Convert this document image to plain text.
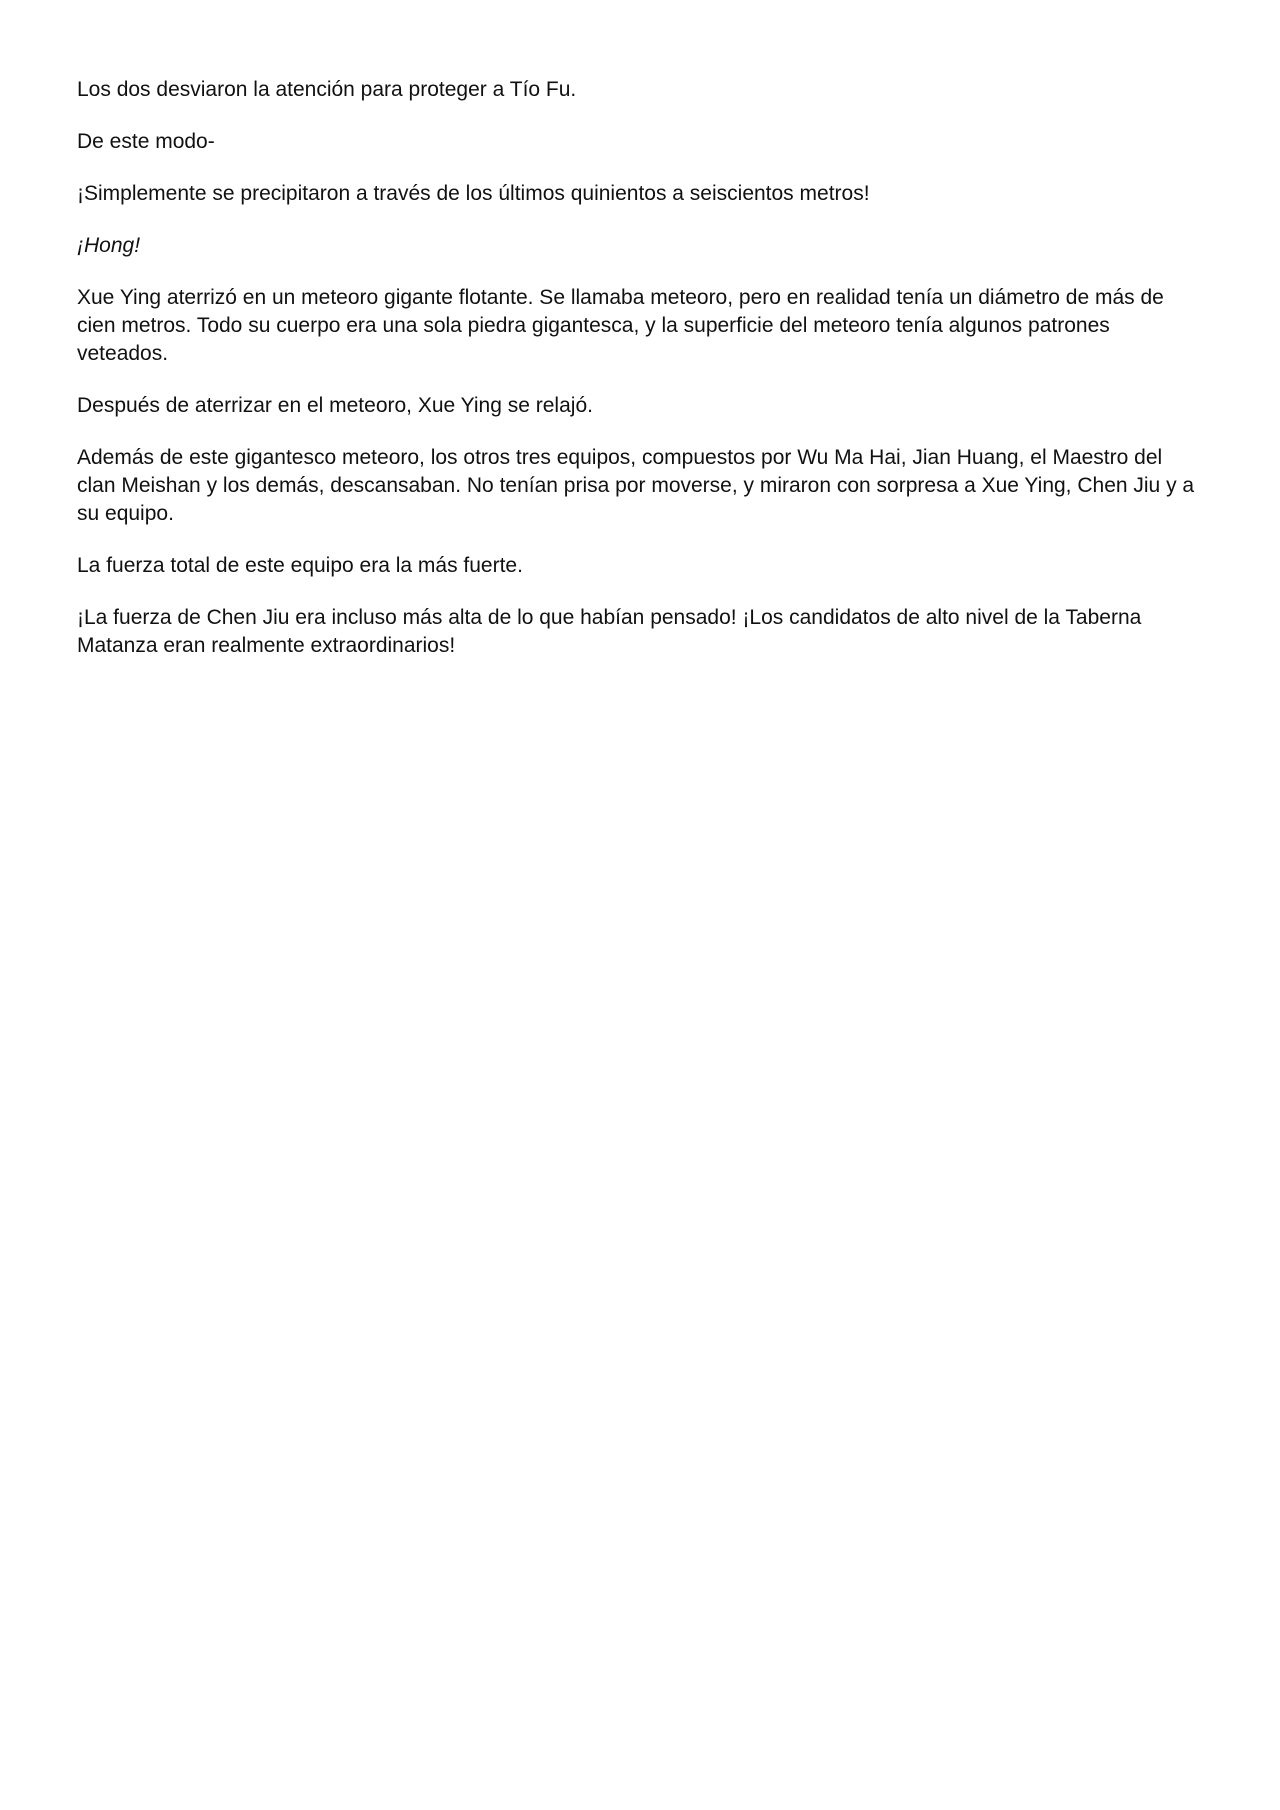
Los dos desviaron la atención para proteger a Tío Fu.

De este modo-

¡Simplemente se precipitaron a través de los últimos quinientos a seiscientos metros!

¡Hong!

Xue Ying aterrizó en un meteoro gigante flotante. Se llamaba meteoro, pero en realidad tenía un diámetro de más de cien metros. Todo su cuerpo era una sola piedra gigantesca, y la superficie del meteoro tenía algunos patrones veteados.

Después de aterrizar en el meteoro, Xue Ying se relajó.

Además de este gigantesco meteoro, los otros tres equipos, compuestos por Wu Ma Hai, Jian Huang, el Maestro del clan Meishan y los demás, descansaban. No tenían prisa por moverse, y miraron con sorpresa a Xue Ying, Chen Jiu y a su equipo.

La fuerza total de este equipo era la más fuerte.

¡La fuerza de Chen Jiu era incluso más alta de lo que habían pensado! ¡Los candidatos de alto nivel de la Taberna Matanza eran realmente extraordinarios!
